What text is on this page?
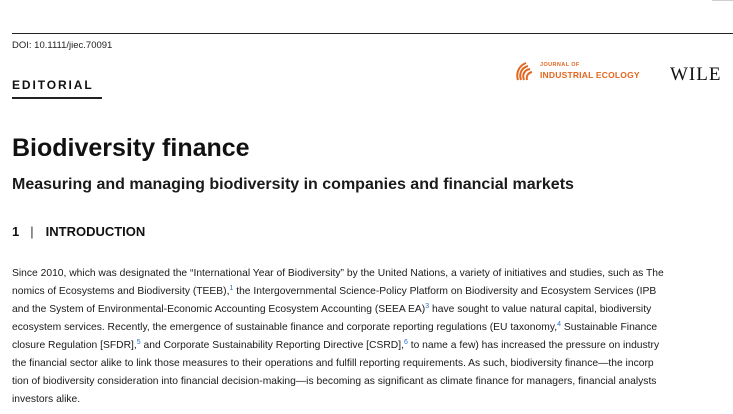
DOI: 10.1111/jiec.70091
EDITORIAL
JOURNAL OF
INDUSTRIAL ECOLOGY WILE
Biodiversity finance
Measuring and managing biodiversity in companies and financial markets
1 | INTRODUCTION
Since 2010, which was designated the “International Year of Biodiversity” by the United Nations, a variety of initiatives and studies, such as The
nomics of Ecosystems and Biodiversity (TEEB),$^1$ the Intergovernmental Science-Policy Platform on Biodiversity and Ecosystem Services (IPB
and the System of Environmental-Economic Accounting Ecosystem Accounting (SEEA EA)$^3$ have sought to value natural capital, biodiversity
ecosystem services. Recently, the emergence of sustainable finance and corporate reporting regulations (EU taxonomy,$^4$ Sustainable Finance
closure Regulation [SFDR],$^5$ and Corporate Sustainability Reporting Directive [CSRD],$^6$ to name a few) has increased the pressure on industry
the financial sector alike to link those measures to their operations and fulfill reporting requirements. As such, biodiversity finance—the incorp
tion of biodiversity consideration into financial decision-making—is becoming as significant as climate finance for managers, financial analysts
investors alike.
